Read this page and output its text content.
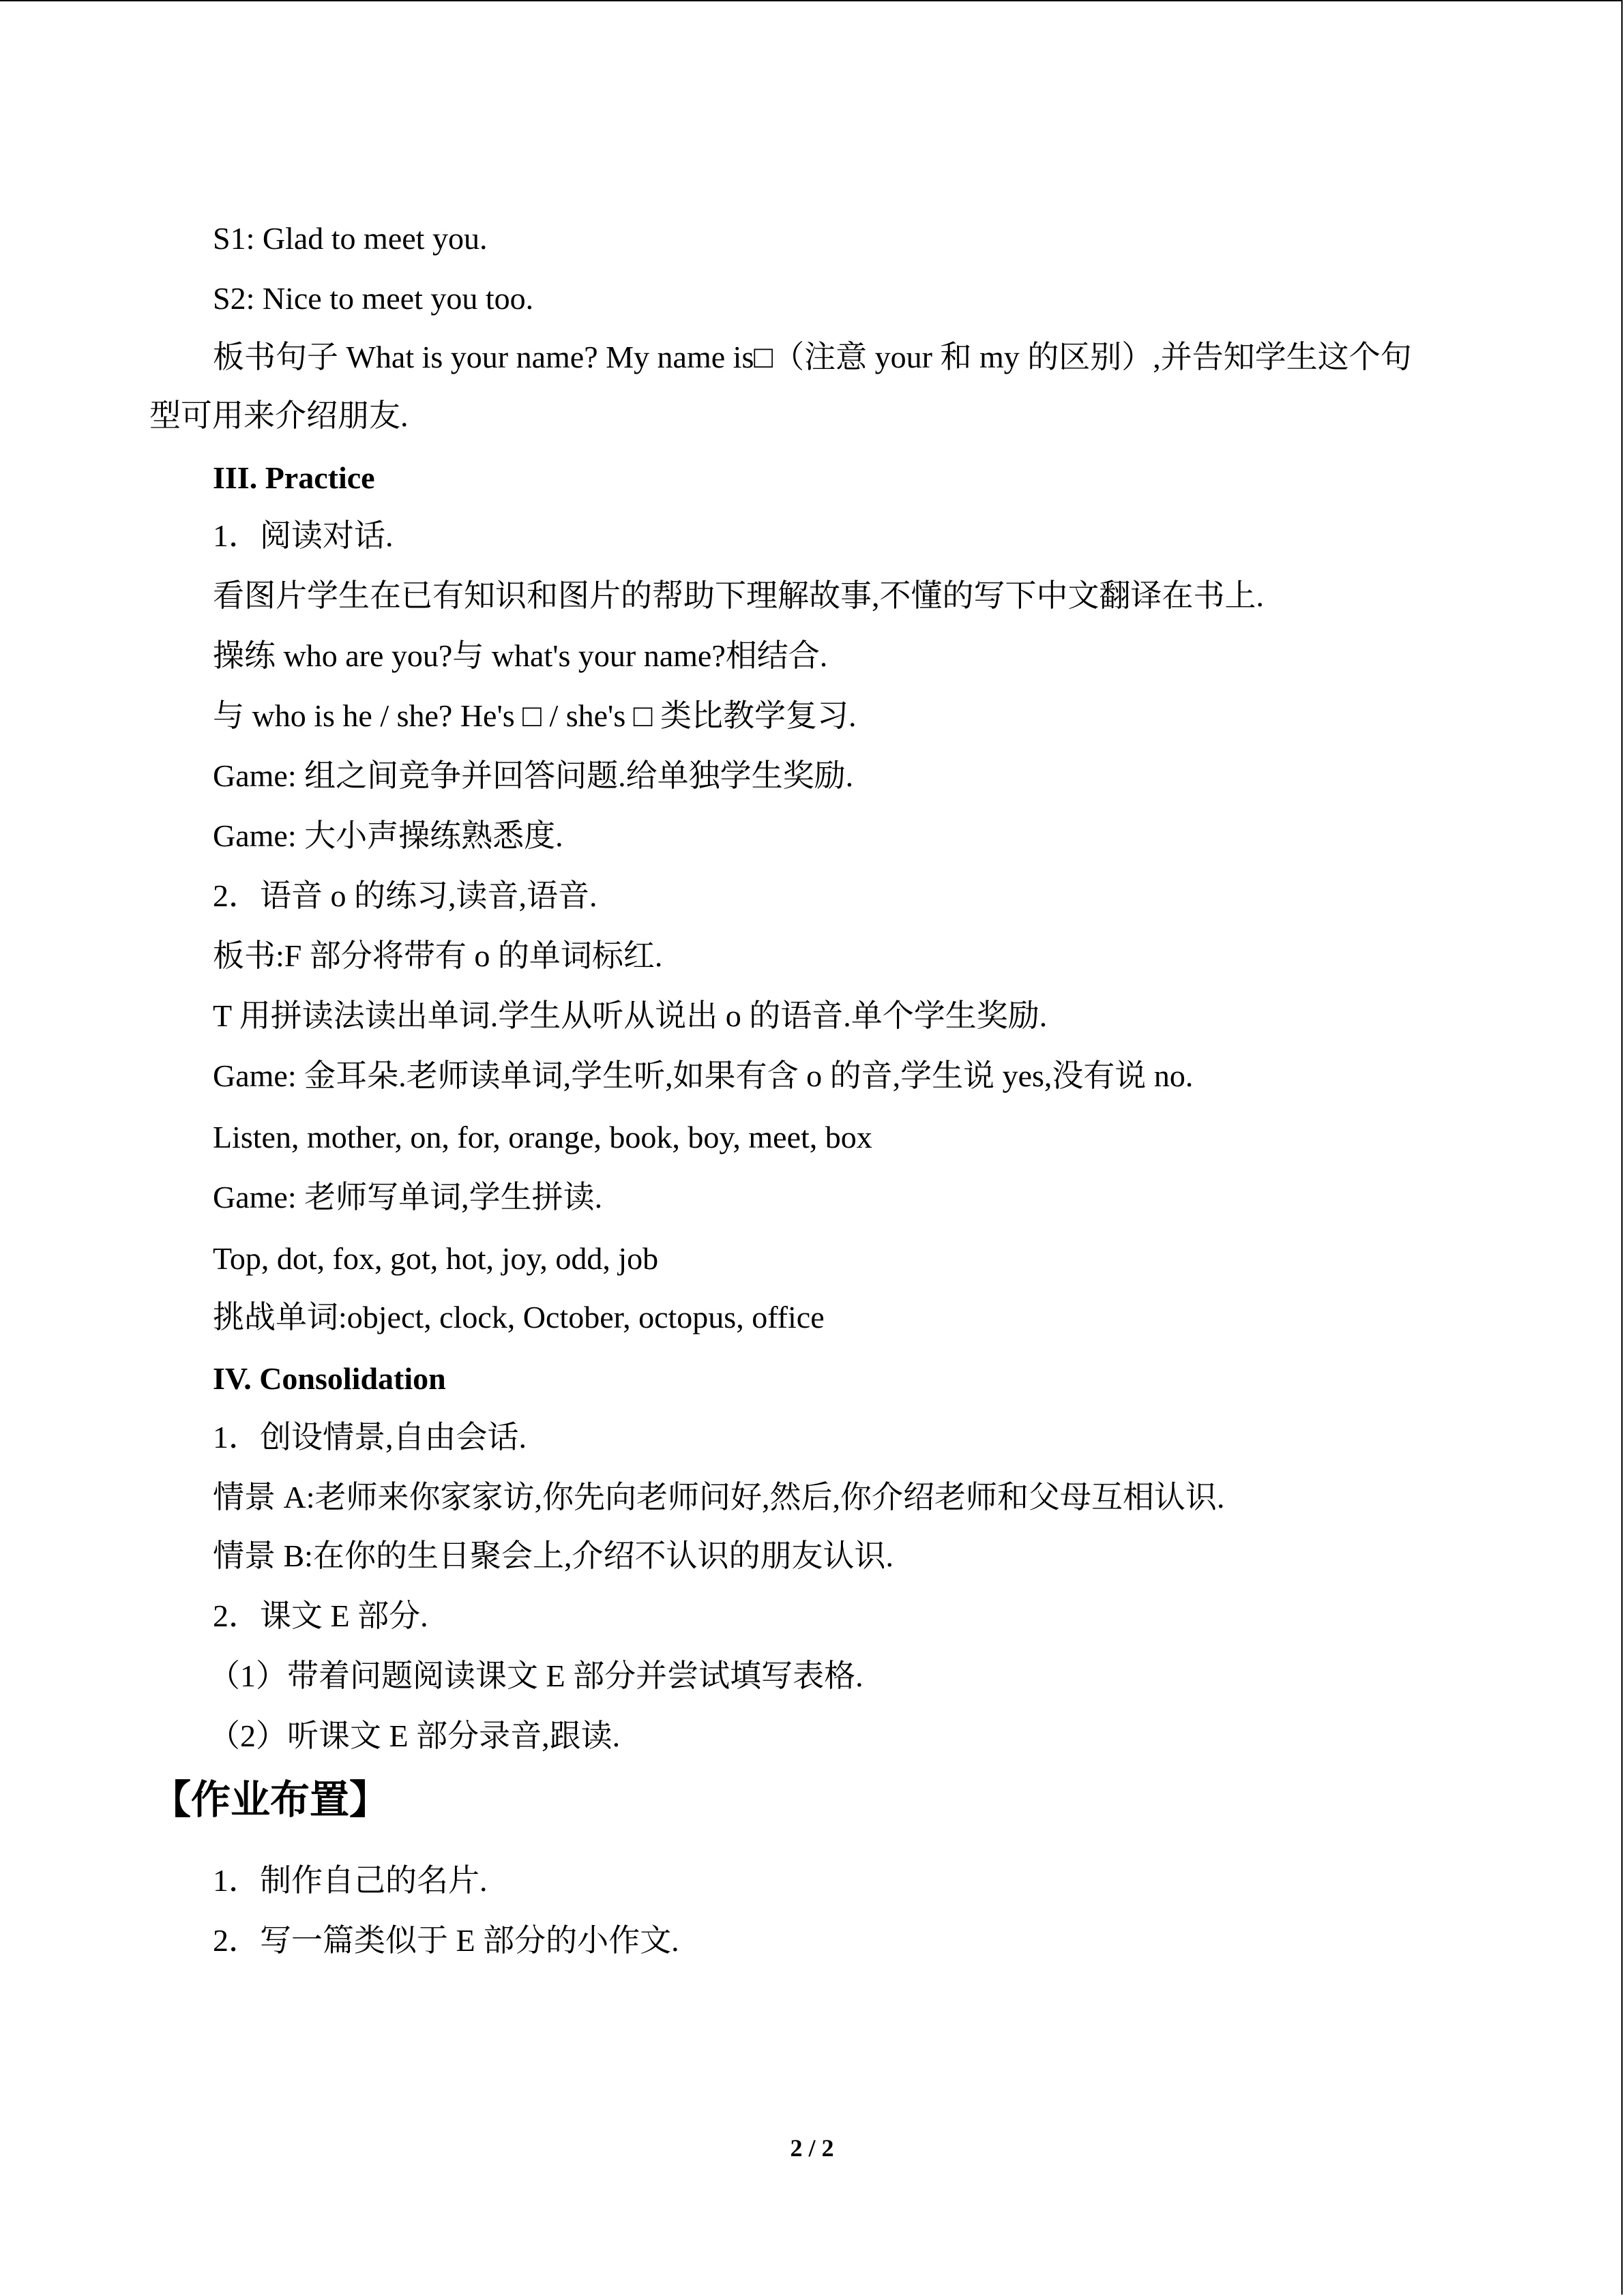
S1: Glad to meet you.
S2: Nice to meet you too.
板书句子 What is your name? My name is□（注意 your 和 my 的区别）,并告知学生这个句
型可用来介绍朋友.
III. Practice
1．阅读对话.
看图片学生在已有知识和图片的帮助下理解故事,不懂的写下中文翻译在书上.
操练 who are you?与 what's your name?相结合.
与 who is he / she? He's □ / she's □ 类比教学复习.
Game: 组之间竞争并回答问题.给单独学生奖励.
Game: 大小声操练熟悉度.
2．语音 o 的练习,读音,语音.
板书:F 部分将带有 o 的单词标红.
T 用拼读法读出单词.学生从听从说出 o 的语音.单个学生奖励.
Game: 金耳朵.老师读单词,学生听,如果有含 o 的音,学生说 yes,没有说 no.
Listen, mother, on, for, orange, book, boy, meet, box
Game: 老师写单词,学生拼读.
Top, dot, fox, got, hot, joy, odd, job
挑战单词:object, clock, October, octopus, office
IV. Consolidation
1．创设情景,自由会话.
情景 A:老师来你家家访,你先向老师问好,然后,你介绍老师和父母互相认识.
情景 B:在你的生日聚会上,介绍不认识的朋友认识.
2．课文 E 部分.
（1）带着问题阅读课文 E 部分并尝试填写表格.
（2）听课文 E 部分录音,跟读.
【作业布置】
1．制作自己的名片.
2．写一篇类似于 E 部分的小作文.
2 / 2
